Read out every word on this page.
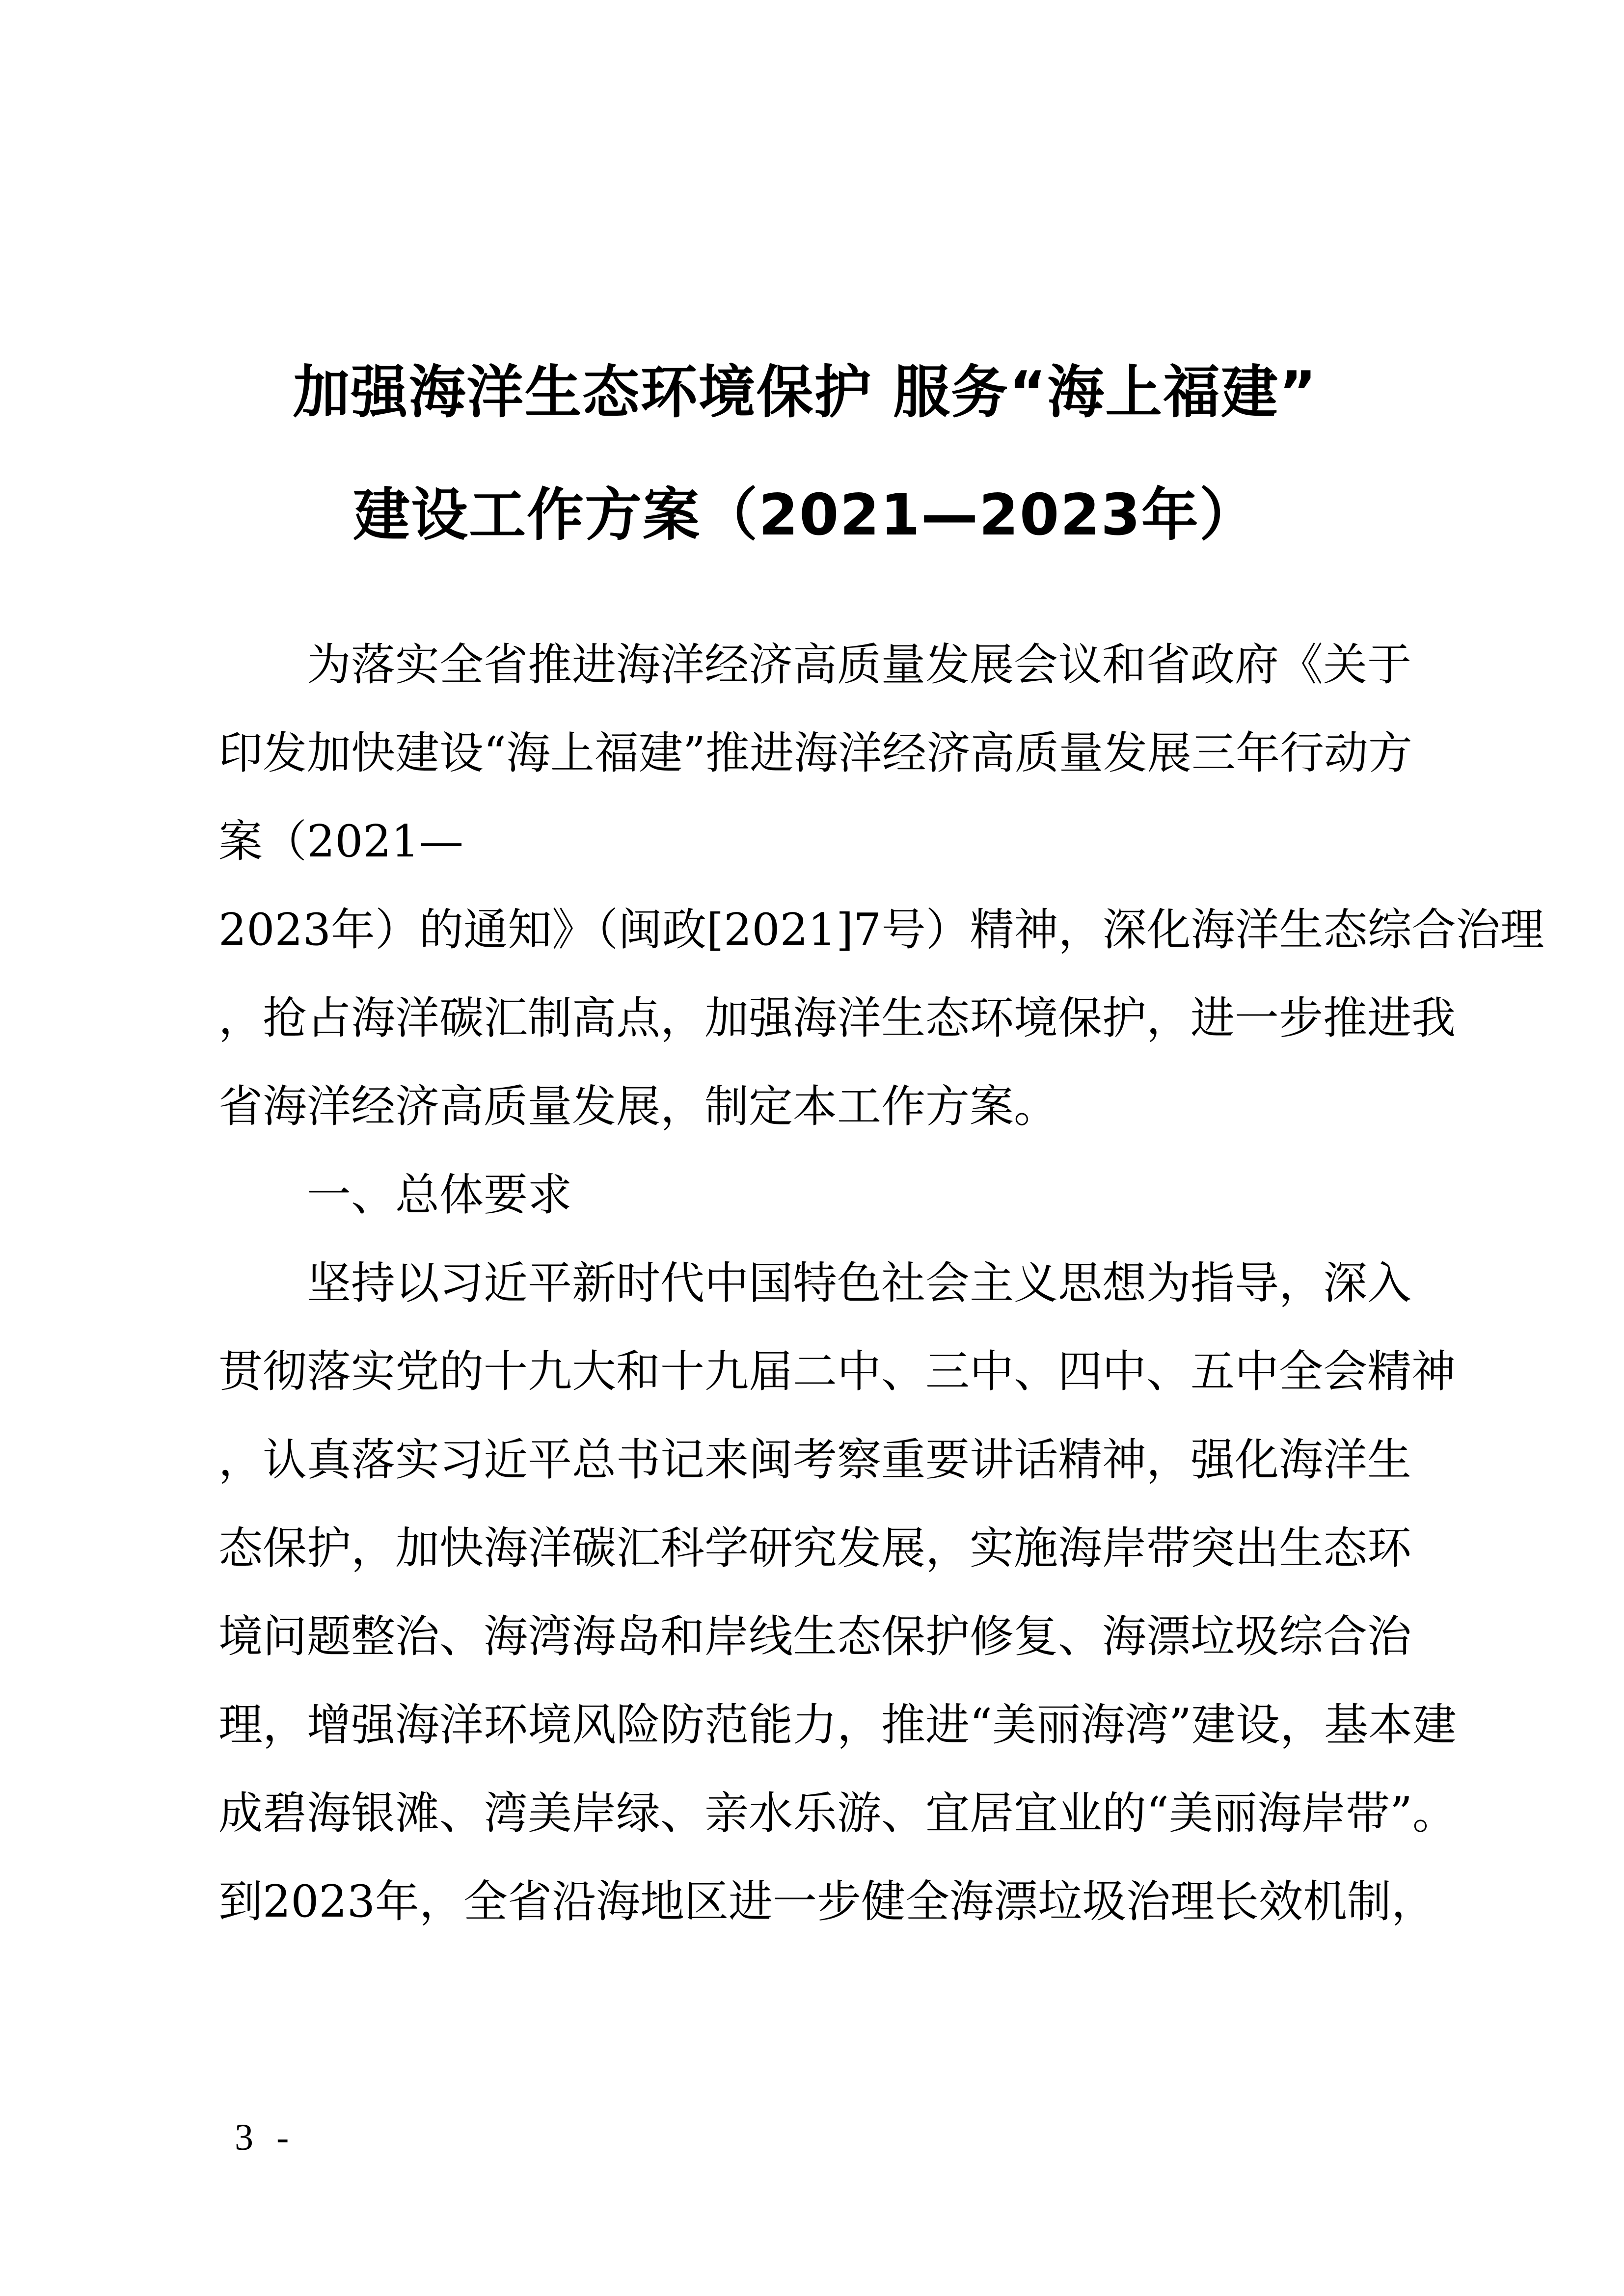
加强海洋生态环境保护 服务“海上福建”
建设工作方案（2021—2023年）
　　为落实全省推进海洋经济高质量发展会议和省政府《关于
印发加快建设“海上福建”推进海洋经济高质量发展三年行动方
案（2021—
2023年）的通知》（闽政[2021]7号）精神，深化海洋生态综合治理
，抢占海洋碳汇制高点，加强海洋生态环境保护，进一步推进我
省海洋经济高质量发展，制定本工作方案。
　　一、总体要求
　　坚持以习近平新时代中国特色社会主义思想为指导，深入
贯彻落实党的十九大和十九届二中、三中、四中、五中全会精神
，认真落实习近平总书记来闽考察重要讲话精神，强化海洋生
态保护，加快海洋碳汇科学研究发展，实施海岸带突出生态环
境问题整治、海湾海岛和岸线生态保护修复、海漂垃圾综合治
理，增强海洋环境风险防范能力，推进“美丽海湾”建设，基本建
成碧海银滩、湾美岸绿、亲水乐游、宜居宜业的“美丽海岸带”。
到2023年，全省沿海地区进一步健全海漂垃圾治理长效机制，
3 -
